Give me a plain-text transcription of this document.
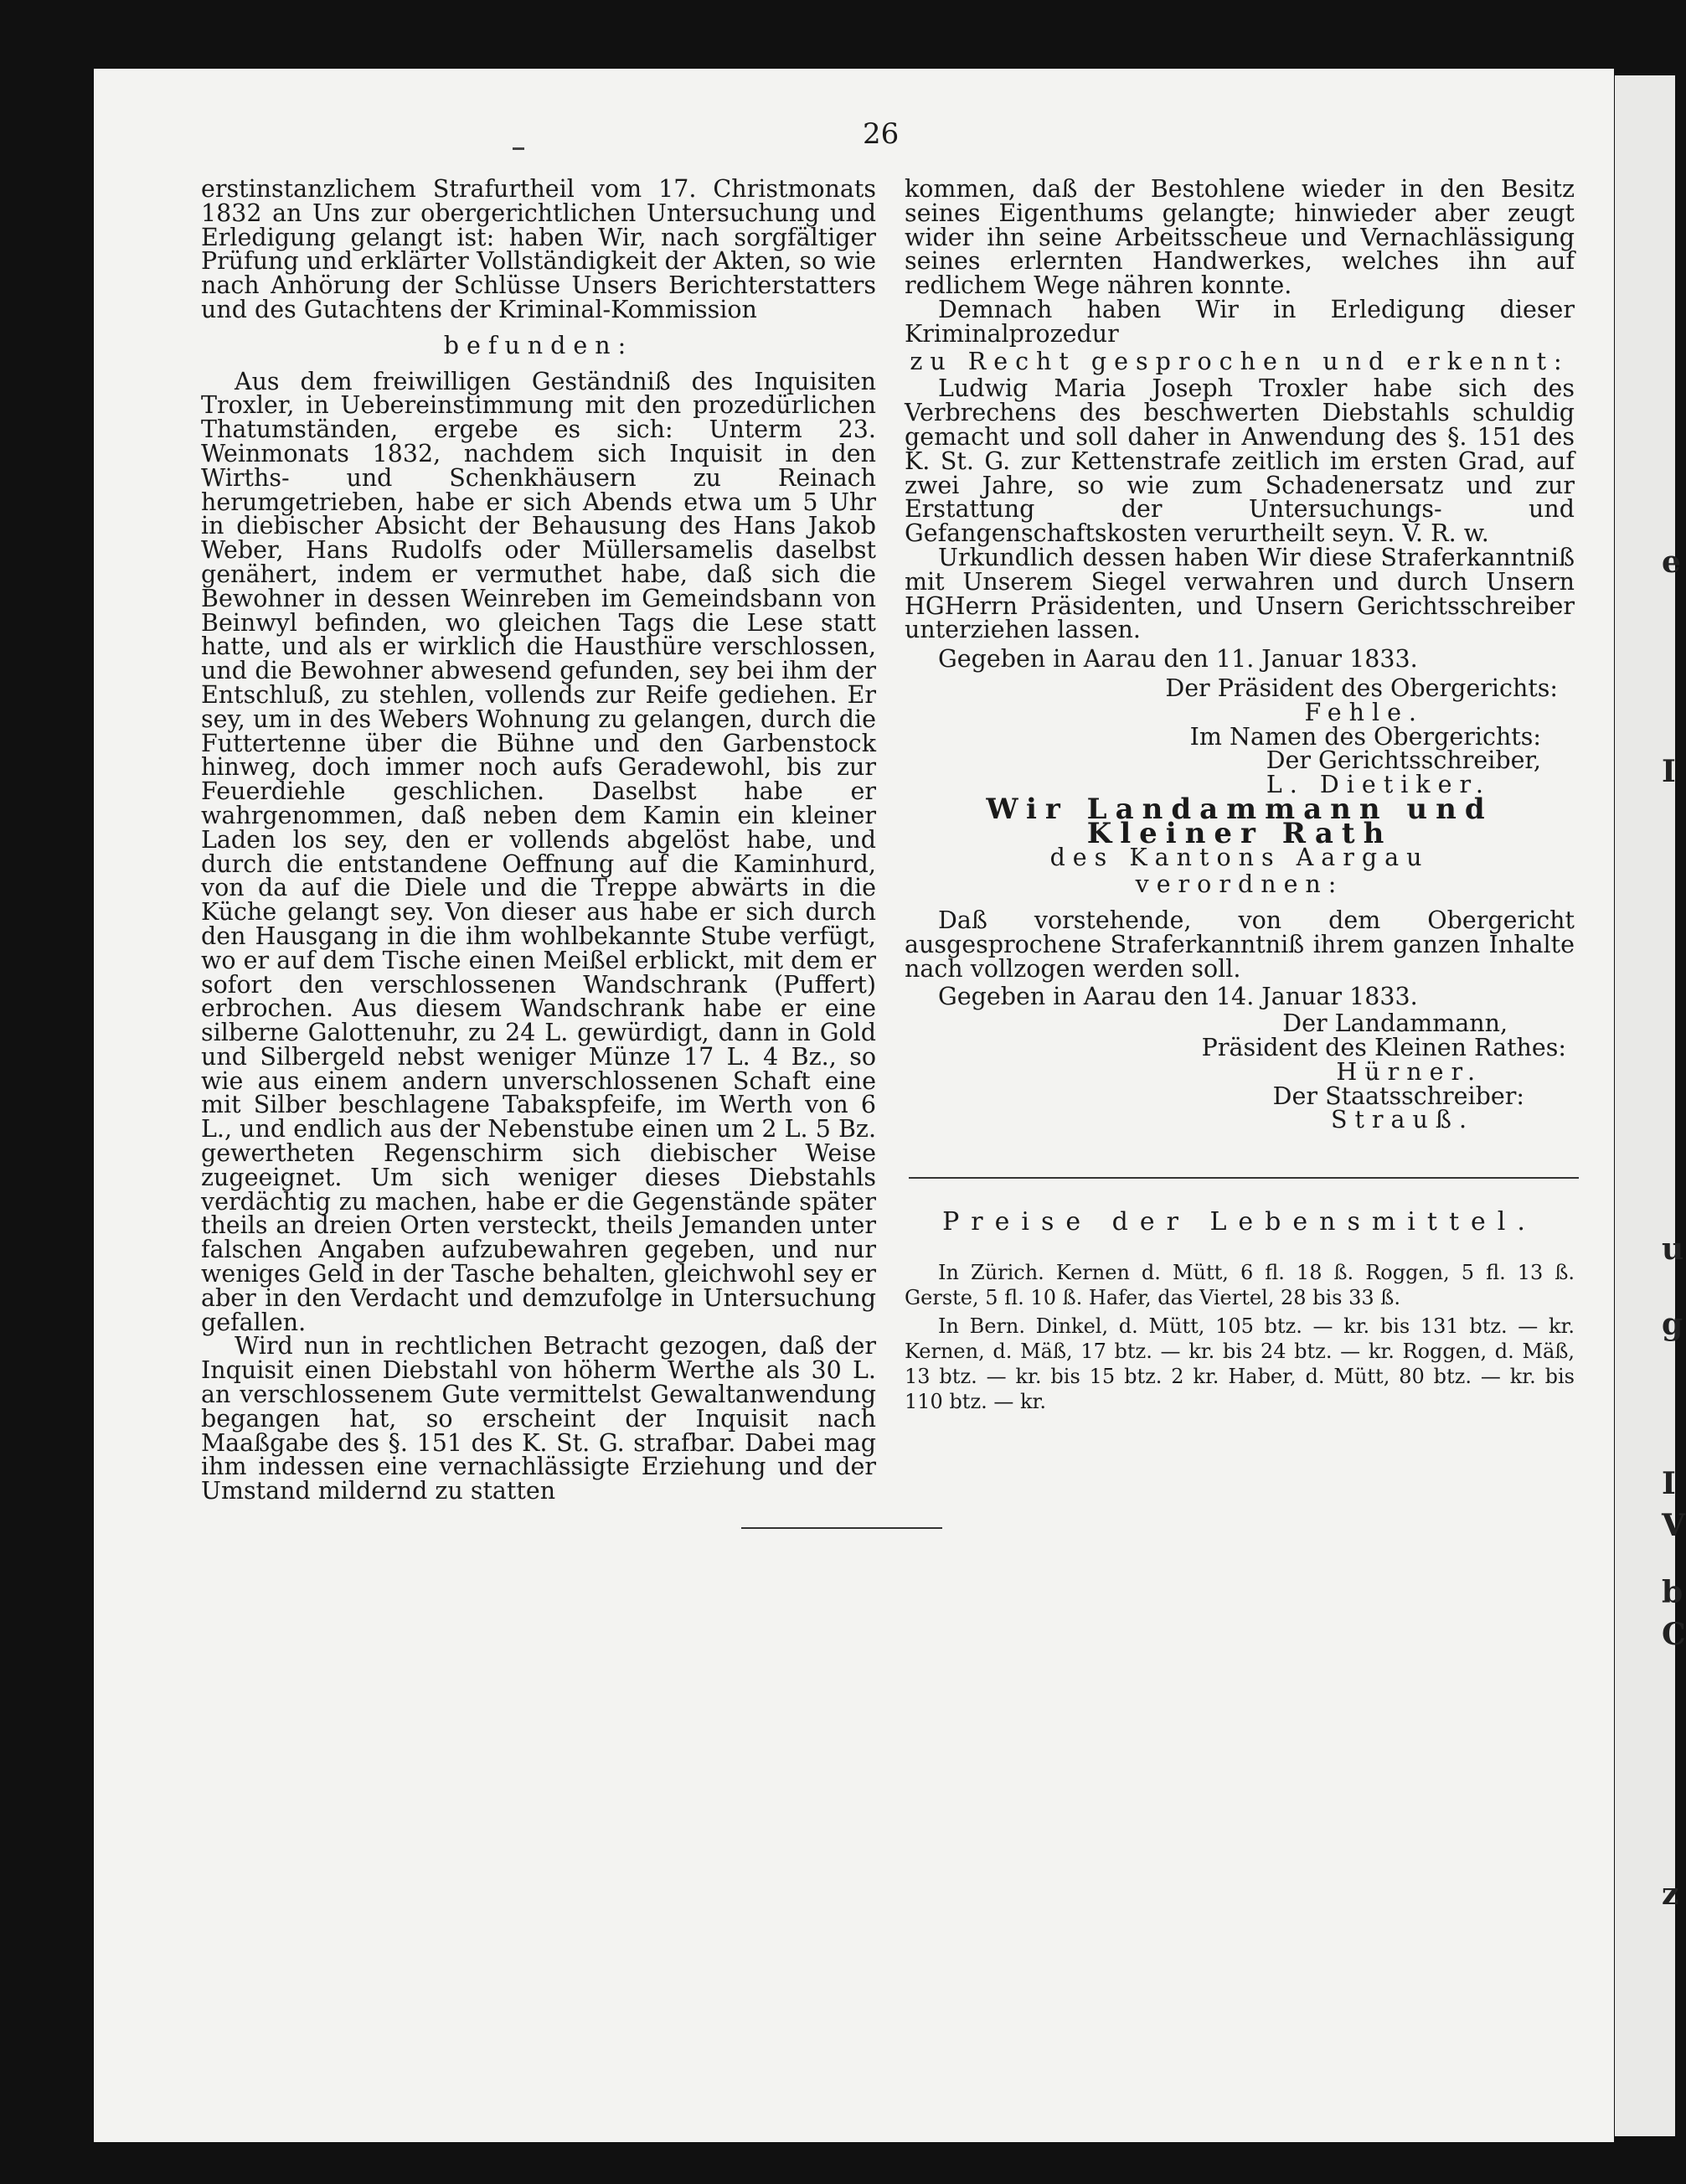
e
I
u
g
I
V
b
C
z
26

erstinstanzlichem Strafurtheil vom 17. Christmonats 1832 an Uns zur obergerichtlichen Untersuchung und Erledigung gelangt ist: haben Wir, nach sorgfältiger Prüfung und erklärter Vollständigkeit der Akten, so wie nach Anhörung der Schlüsse Unsers Berichterstatters und des Gutachtens der Kriminal-Kommission

befunden:

Aus dem freiwilligen Geständniß des Inquisiten Troxler, in Uebereinstimmung mit den prozedürlichen Thatumständen, ergebe es sich: Unterm 23. Weinmonats 1832, nachdem sich Inquisit in den Wirths- und Schenkhäusern zu Reinach herumgetrieben, habe er sich Abends etwa um 5 Uhr in diebischer Absicht der Behausung des Hans Jakob Weber, Hans Rudolfs oder Müllersamelis daselbst genähert, indem er vermuthet habe, daß sich die Bewohner in dessen Weinreben im Gemeindsbann von Beinwyl befinden, wo gleichen Tags die Lese statt hatte, und als er wirklich die Hausthüre verschlossen, und die Bewohner abwesend gefunden, sey bei ihm der Entschluß, zu stehlen, vollends zur Reife gediehen. Er sey, um in des Webers Wohnung zu gelangen, durch die Futtertenne über die Bühne und den Garbenstock hinweg, doch immer noch aufs Geradewohl, bis zur Feuerdiehle geschlichen. Daselbst habe er wahrgenommen, daß neben dem Kamin ein kleiner Laden los sey, den er vollends abgelöst habe, und durch die entstandene Oeffnung auf die Kaminhurd, von da auf die Diele und die Treppe abwärts in die Küche gelangt sey. Von dieser aus habe er sich durch den Hausgang in die ihm wohlbekannte Stube verfügt, wo er auf dem Tische einen Meißel erblickt, mit dem er sofort den verschlossenen Wandschrank (Puffert) erbrochen. Aus diesem Wandschrank habe er eine silberne Galottenuhr, zu 24 L. gewürdigt, dann in Gold und Silbergeld nebst weniger Münze 17 L. 4 Bz., so wie aus einem andern unverschlossenen Schaft eine mit Silber beschlagene Tabakspfeife, im Werth von 6 L., und endlich aus der Nebenstube einen um 2 L. 5 Bz. gewertheten Regenschirm sich diebischer Weise zugeeignet. Um sich weniger dieses Diebstahls verdächtig zu machen, habe er die Gegenstände später theils an dreien Orten versteckt, theils Jemanden unter falschen Angaben aufzubewahren gegeben, und nur weniges Geld in der Tasche behalten, gleichwohl sey er aber in den Verdacht und demzufolge in Untersuchung gefallen.

Wird nun in rechtlichen Betracht gezogen, daß der Inquisit einen Diebstahl von höherm Werthe als 30 L. an verschlossenem Gute vermittelst Gewaltanwendung begangen hat, so erscheint der Inquisit nach Maaßgabe des §. 151 des K. St. G. strafbar. Dabei mag ihm indessen eine vernachlässigte Erziehung und der Umstand mildernd zu statten

kommen, daß der Bestohlene wieder in den Besitz seines Eigenthums gelangte; hinwieder aber zeugt wider ihn seine Arbeitsscheue und Vernachlässigung seines erlernten Handwerkes, welches ihn auf redlichem Wege nähren konnte.

Demnach haben Wir in Erledigung dieser Kriminalprozedur

zu Recht gesprochen und erkennt:

Ludwig Maria Joseph Troxler habe sich des Verbrechens des beschwerten Diebstahls schuldig gemacht und soll daher in Anwendung des §. 151 des K. St. G. zur Kettenstrafe zeitlich im ersten Grad, auf zwei Jahre, so wie zum Schadenersatz und zur Erstattung der Untersuchungs- und Gefangenschaftskosten verurtheilt seyn. V. R. w.

Urkundlich dessen haben Wir diese Straferkanntniß mit Unserem Siegel verwahren und durch Unsern HGHerrn Präsidenten, und Unsern Gerichtsschreiber unterziehen lassen.

Gegeben in Aarau den 11. Januar 1833.

Der Präsident des Obergerichts:

Fehle.

Im Namen des Obergerichts:

Der Gerichtsschreiber,

L. Dietiker.

Wir Landammann und Kleiner Rath

des Kantons Aargau

verordnen:

Daß vorstehende, von dem Obergericht ausgesprochene Straferkanntniß ihrem ganzen Inhalte nach vollzogen werden soll.

Gegeben in Aarau den 14. Januar 1833.

Der Landammann,

Präsident des Kleinen Rathes:

Hürner.

Der Staatsschreiber:

Strauß.

Preise der Lebensmittel.

In Zürich. Kernen d. Mütt, 6 fl. 18 ß. Roggen, 5 fl. 13 ß. Gerste, 5 fl. 10 ß. Hafer, das Viertel, 28 bis 33 ß.

In Bern. Dinkel, d. Mütt, 105 btz. — kr. bis 131 btz. — kr. Kernen, d. Mäß, 17 btz. — kr. bis 24 btz. — kr. Roggen, d. Mäß, 13 btz. — kr. bis 15 btz. 2 kr. Haber, d. Mütt, 80 btz. — kr. bis 110 btz. — kr.
